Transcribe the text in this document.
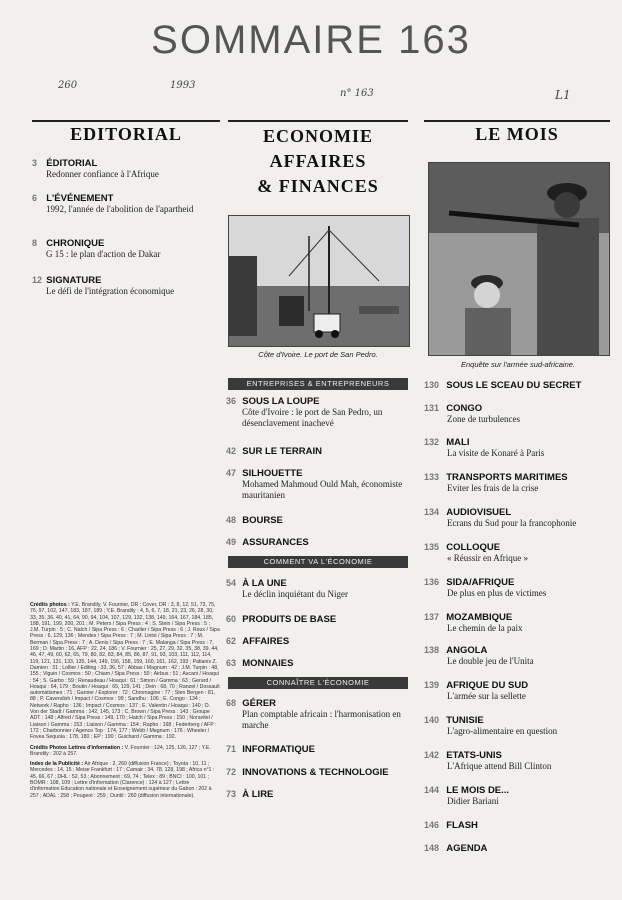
SOMMAIRE 163
260	1993
n° 163	L1
EDITORIAL	ECONOMIE
AFFAIRES
& FINANCES
LE MOIS
3 ÉDITORIAL
Redonner confiance à l'Afrique
6 L'ÉVÉNEMENT
1992, l'année de l'abolition de l'apartheid
8 CHRONIQUE
G 15 : le plan d'action de Dakar
12 SIGNATURE
Le défi de l'intégration économique
Côte d'Ivoire. Le port de San Pedro.
Enquête sur l'armée sud-africaine.
ENTREPRISES & ENTREPRENEURS
COMMENT VA L'ÉCONOMIE
CONNAÎTRE L'ÉCONOMIE
36 SOUS LA LOUPE
Côte d'Ivoire : le port de San Pedro, un désenclavement inachevé
42 SUR LE TERRAIN
47 SILHOUETTE
Mohamed Mahmoud Ould Mah, économiste mauritanien
48 BOURSE
49 ASSURANCES
54 À LA UNE
Le déclin inquiétant du Niger
60 PRODUITS DE BASE
62 AFFAIRES
63 MONNAIES
68 GÉRER
Plan comptable africain : l'harmonisation en marche
71 INFORMATIQUE
72 INNOVATIONS & TECHNOLOGIE
73 À LIRE
130 SOUS LE SCEAU DU SECRET
131 CONGO
Zone de turbulences
132 MALI
La visite de Konaré à Paris
133 TRANSPORTS MARITIMES
Eviter les frais de la crise
134 AUDIOVISUEL
Ecrans du Sud pour la francophonie
135 COLLOQUE
« Réussir en Afrique »
136 SIDA/AFRIQUE
De plus en plus de victimes
137 MOZAMBIQUE
Le chemin de la paix
138 ANGOLA
Le double jeu de l'Unita
139 AFRIQUE DU SUD
L'armée sur la sellette
140 TUNISIE
L'agro-alimentaire en question
142 ETATS-UNIS
L'Afrique attend Bill Clinton
144 LE MOIS DE...
Didier Bariani
146 FLASH
148 AGENDA
Crédits photos : Y.E. Brandily, V. Fournier, DR ; Cover, DR : 3, 8, 12, 51, 73, 75, 76, 97, 102, 147, 183, 187, 189 ; Y.E. Brandily : 4, 5, 6, 7, 18, 21, 23, 26, 28, 30, 33, 35, 36, 40, 41, 64, 90, 94, 104, 107, 129, 132, 138, 149, 164, 167, 184, 185, 188, 191, 199, 200, 201 ; M. Peters / Sipa Press : 4 ; S. Stein / Sipa Press : 5 ; J.M. Turpin : 5 ; C. Natch / Sipa Press : 6 ; Charlier / Sipa Press : 6 ; J. Roux / Sipa Press : 6, 129, 136 ; Mendes / Sipa Press : 7 ; M. Lintsi / Sipa Press : 7 ; M. Berman / Sipa Press : 7 ; A. Denis / Sipa Press : 7 ; E. Malanga / Sipa Press : 7, 169 ; D. Martin : 16, AFP : 22, 24, 186 ; V. Fournier : 25, 27, 29, 32, 35, 38, 39, 44, 46, 47, 49, 60, 62, 65, 79, 80, 82, 83, 84, 85, 86, 87, 91, 93, 103, 111, 112, 114, 119, 121, 131, 133, 135, 144, 149, 156, 158, 159, 160, 161, 162, 193 ; Patianis Z. Damien : 31 ; Lollier / Editing : 33, 36, 57 ; Abbas / Magnum : 42 ; J.M. Turpin : 48, 155 ; Viguin / Cosmos : 50 ; Chiam / Sipa Press : 50 ; Airbus : 51 ; Ascani / Hoaqui : 54 ; S. Garbo : 59 ; Renaudeau / Hoaqui : 61 ; Simon / Gamma : 63 ; Gerard / Hoaqui : 64, 179 ; Boutin / Hoaqui : 65, 129, 141 ; Dein : 68, 70 ; Ranzel / Dossault automatismes : 71 ; Garnier / Explorer : 72 ; Chromagine : 77 ; Sten Bergen : 81, 88 ; P. Cavendish / Impact / Cosmos : 99 ; Sandhu : 106 ; E. Congo : 134 ; Network / Rapho : 136 ; Impact / Cosmos : 137 ; E. Valentin / Hoaqui : 140 ; D. Von der Stadt / Gamma : 142, 145, 173 ; C. Brown / Sipa Press : 143 ; Groupe ADT : 148 ; Alfred / Sipa Press : 149, 170 ; Hatch / Sipa Press : 150 ; Noravitel / Liaison / Gamma : 153 ; Liaison / Gamma : 154 ; Rapho : 168 ; Federberg / AFP : 172 ; Charbonnier / Agence Top : 174, 177 ; Webb / Magnum : 176 ; Wheeler / Fovea Sequoia : 178, 180 ; EP : 190 ; Guichard / Gamma : 192.
Crédits Photos Lettres d'information : V. Fournier : 124, 125, 126, 127 ; Y.E. Brandily : 202 à 257.
Index de la Publicité : Air Afrique : 2, 260 (diffusion France) ; Toyota : 10, 11 ; Mercedes : 14, 15 ; Meise Frankfurt : 17 ; Camair : 34, 78, 128, 198 ; Africa n°1 : 45, 66, 67 ; DHL : 52, 53 ; Abonnement : 69, 74 ; Telex : 89 ; BNCI : 100, 101 ; BOMR : 108, 109 ; Lettre d'information (Clarence) : 124 à 127 ; Lettre d'information Education nationale et Enseignement supérieur du Gabon : 202 à 257 ; ADAL : 258 ; Peugeot : 259 ; Ountil : 260 (diffusion internationale).
